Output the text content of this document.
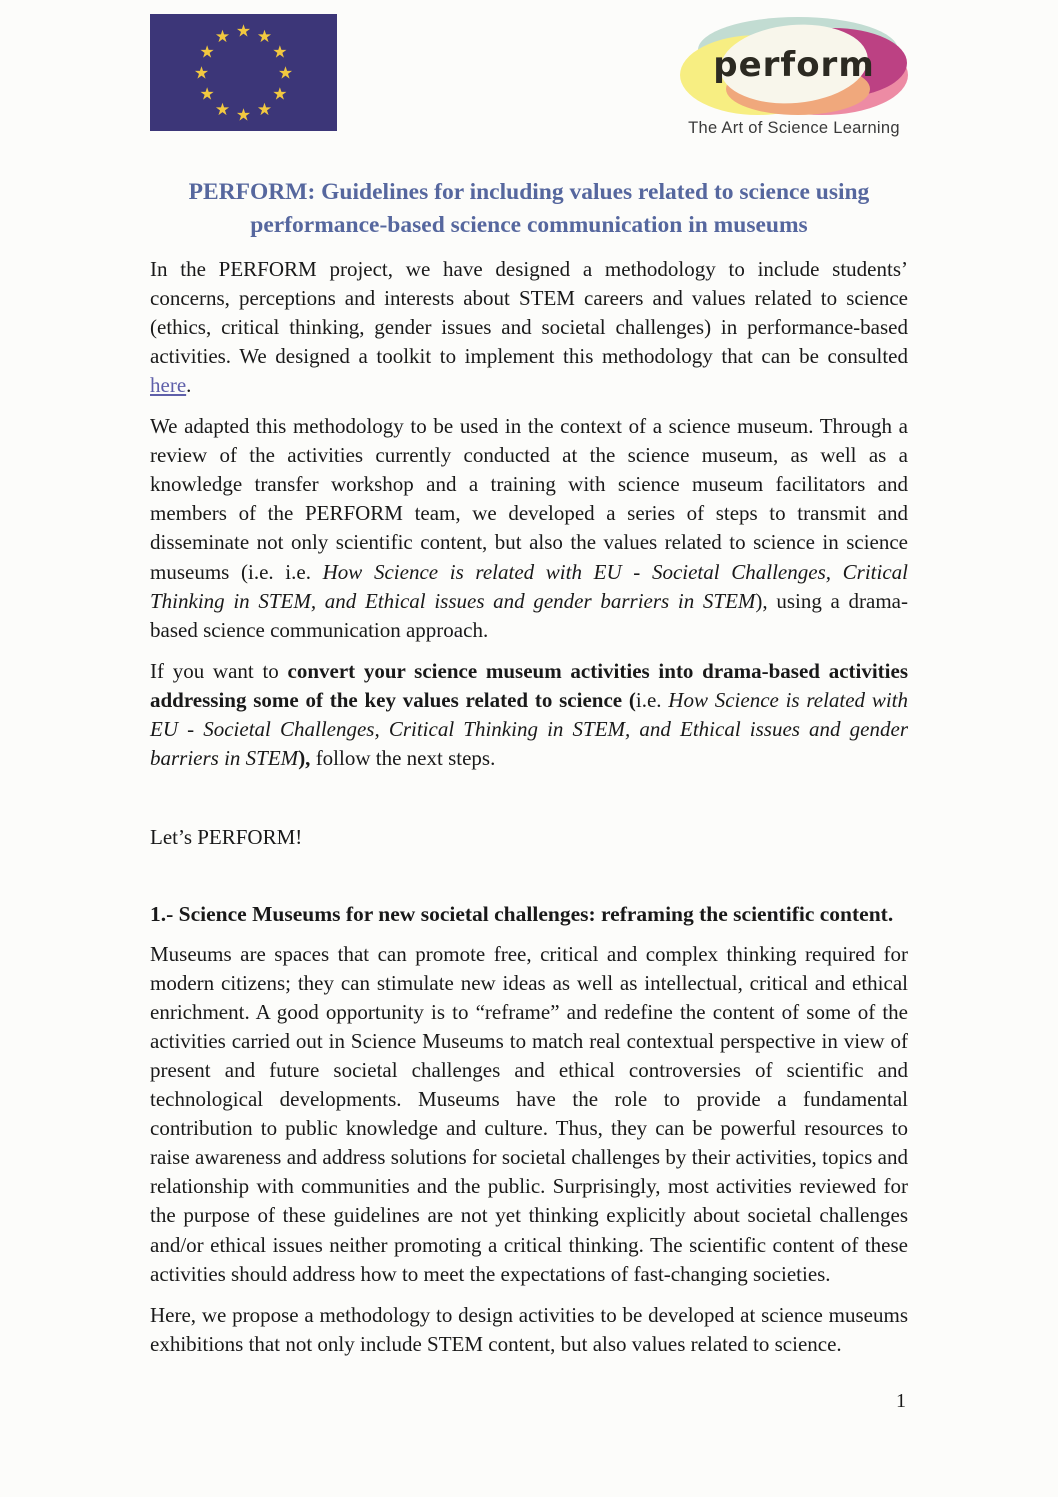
★ ★
★
★
★
★
★
★
★
★
★
★
perform
The Art of Science Learning
PERFORM: Guidelines for including values related to science using performance-based science communication in museums

In the PERFORM project, we have designed a methodology to include students’ concerns, perceptions and interests about STEM careers and values related to science (ethics, critical thinking, gender issues and societal challenges) in performance-based activities. We designed a toolkit to implement this methodology that can be consulted here.

We adapted this methodology to be used in the context of a science museum. Through a review of the activities currently conducted at the science museum, as well as a knowledge transfer workshop and a training with science museum facilitators and members of the PERFORM team, we developed a series of steps to transmit and disseminate not only scientific content, but also the values related to science in science museums (i.e. i.e. How Science is related with EU - Societal Challenges, Critical Thinking in STEM, and Ethical issues and gender barriers in STEM), using a drama-based science communication approach.

If you want to convert your science museum activities into drama-based activities addressing some of the key values related to science (i.e. How Science is related with EU - Societal Challenges, Critical Thinking in STEM, and Ethical issues and gender barriers in STEM), follow the next steps.

Let’s PERFORM!

1.- Science Museums for new societal challenges: reframing the scientific content.

Museums are spaces that can promote free, critical and complex thinking required for modern citizens; they can stimulate new ideas as well as intellectual, critical and ethical enrichment. A good opportunity is to “reframe” and redefine the content of some of the activities carried out in Science Museums to match real contextual perspective in view of present and future societal challenges and ethical controversies of scientific and technological developments. Museums have the role to provide a fundamental contribution to public knowledge and culture. Thus, they can be powerful resources to raise awareness and address solutions for societal challenges by their activities, topics and relationship with communities and the public. Surprisingly, most activities reviewed for the purpose of these guidelines are not yet thinking explicitly about societal challenges and/or ethical issues neither promoting a critical thinking. The scientific content of these activities should address how to meet the expectations of fast-changing societies.

Here, we propose a methodology to design activities to be developed at science museums exhibitions that not only include STEM content, but also values related to science.

1
